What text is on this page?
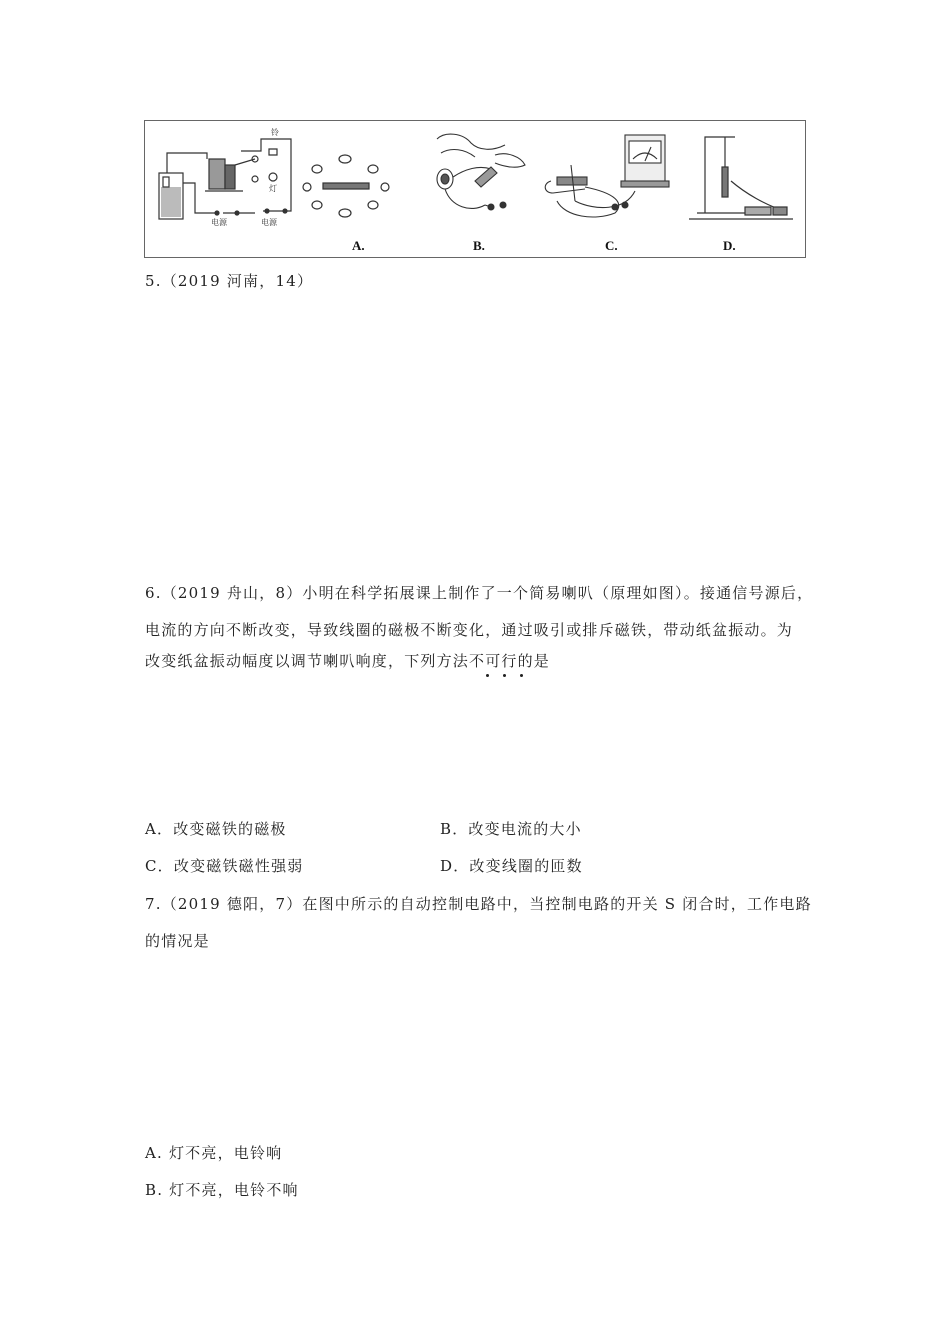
铃
灯
电源	电源
A.	B.	C.	D.
5.（2019 河南，14）
6.（2019 舟山，8）小明在科学拓展课上制作了一个简易喇叭（原理如图）。接通信号源后，
电流的方向不断改变，导致线圈的磁极不断变化，通过吸引或排斥磁铁，带动纸盆振动。为
改变纸盆振动幅度以调节喇叭响度，下列方法不可行的是
A．改变磁铁的磁极	B．改变电流的大小
C．改变磁铁磁性强弱	D．改变线圈的匝数
7.（2019 德阳，7）在图中所示的自动控制电路中，当控制电路的开关 S 闭合时，工作电路
的情况是
A. 灯不亮，电铃响
B. 灯不亮，电铃不响
